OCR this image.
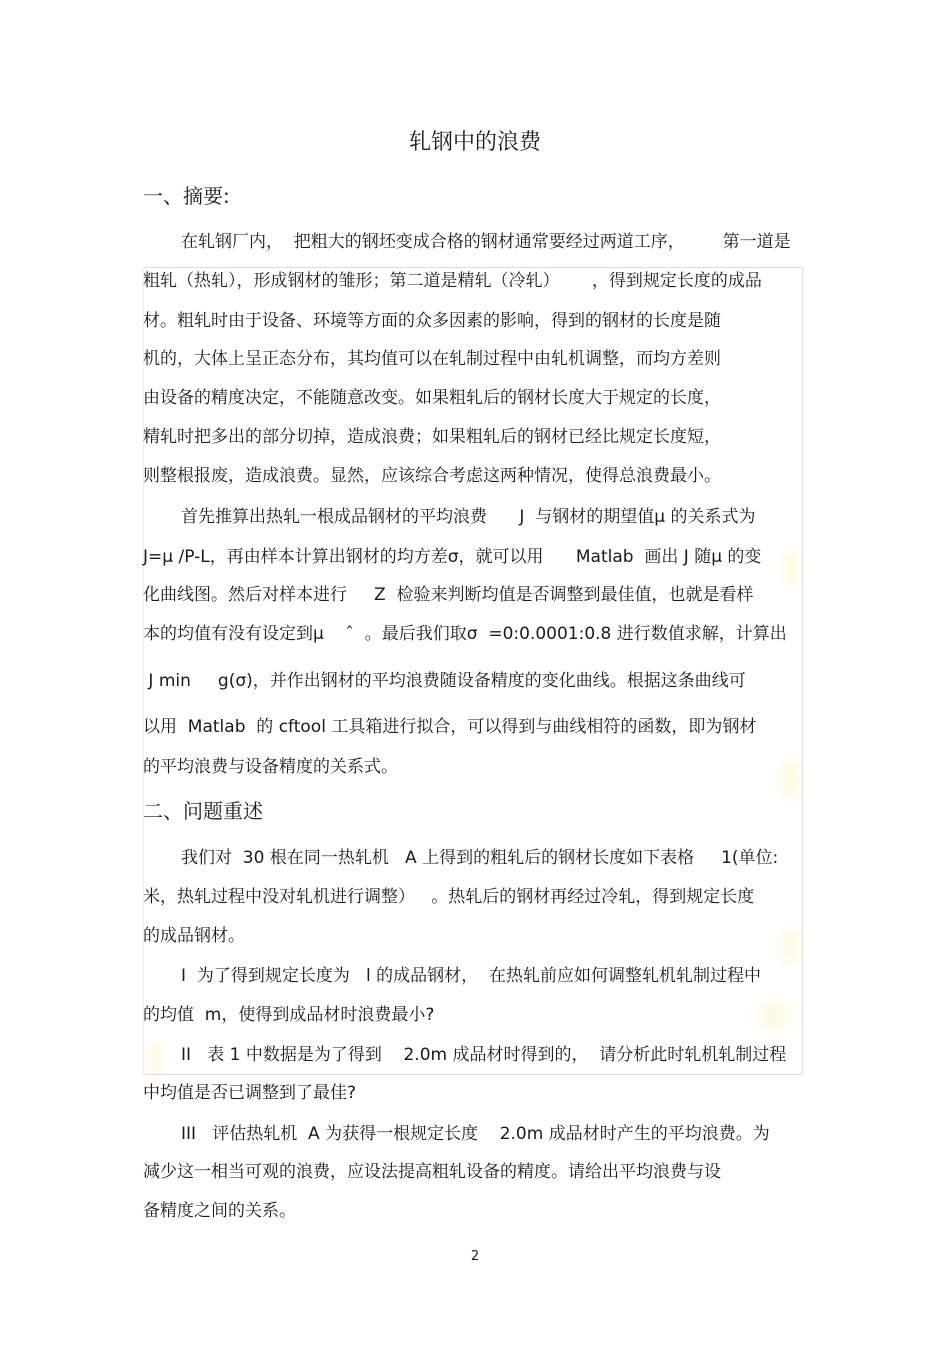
轧钢中的浪费
一、摘要:
在轧钢厂内，  把粗大的钢坯变成合格的钢材通常要经过两道工序，       第一道是
粗轧（热轧），形成钢材的雏形；第二道是精轧（冷轧）      ，得到规定长度的成品
材。粗轧时由于设备、环境等方面的众多因素的影响，得到的钢材的长度是随
机的，大体上呈正态分布，其均值可以在轧制过程中由轧机调整，而均方差则
由设备的精度决定，不能随意改变。如果粗轧后的钢材长度大于规定的长度，
精轧时把多出的部分切掉，造成浪费；如果粗轧后的钢材已经比规定长度短，
则整根报废，造成浪费。显然，应该综合考虑这两种情况，使得总浪费最小。
首先推算出热轧一根成品钢材的平均浪费      J  与钢材的期望值μ 的关系式为
J=μ /P-L，再由样本计算出钢材的均方差σ，就可以用      Matlab  画出 J 随μ 的变
化曲线图。然后对样本进行     Z  检验来判断均值是否调整到最佳值，也就是看样
本的均值有没有设定到μ    ˆ  。最后我们取σ  =0:0.0001:0.8 进行数值求解，计算出
J min     g(σ)，并作出钢材的平均浪费随设备精度的变化曲线。根据这条曲线可
以用  Matlab  的 cftool 工具箱进行拟合，可以得到与曲线相符的函数，即为钢材
的平均浪费与设备精度的关系式。
二、问题重述
我们对  30 根在同一热轧机   A 上得到的粗轧后的钢材长度如下表格     1(单位:
米，热轧过程中没对轧机进行调整）   。热轧后的钢材再经过冷轧，得到规定长度
的成品钢材。
I  为了得到规定长度为   l 的成品钢材，  在热轧前应如何调整轧机轧制过程中
的均值  m，使得到成品材时浪费最小?
II   表 1 中数据是为了得到    2.0m 成品材时得到的，  请分析此时轧机轧制过程
中均值是否已调整到了最佳?
III   评估热轧机  A 为获得一根规定长度    2.0m 成品材时产生的平均浪费。为
减少这一相当可观的浪费，应设法提高粗轧设备的精度。请给出平均浪费与设
备精度之间的关系。
2
